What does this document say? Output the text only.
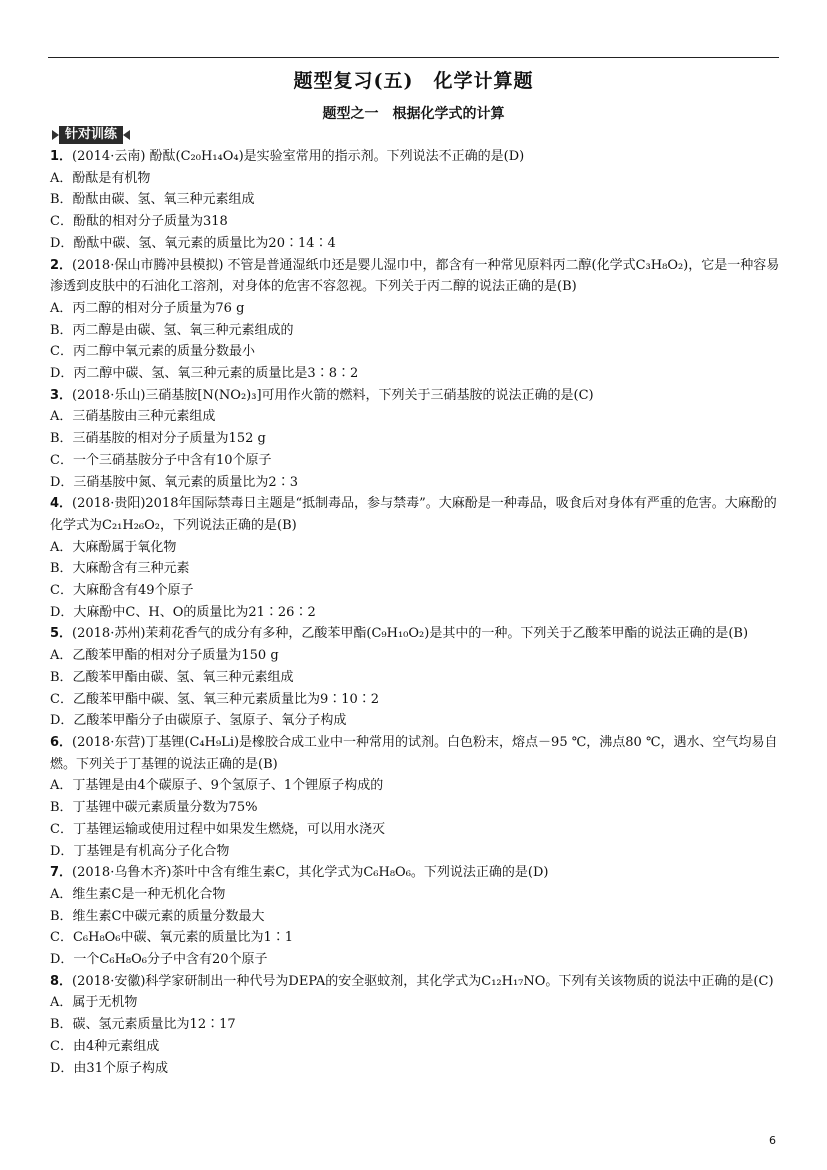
题型复习(五)　化学计算题
题型之一　根据化学式的计算
针对训练
1．(2014·云南) 酚酞(C₂₀H₁₄O₄)是实验室常用的指示剂。下列说法不正确的是(D)
A．酚酞是有机物
B．酚酞由碳、氢、氧三种元素组成
C．酚酞的相对分子质量为318
D．酚酞中碳、氢、氧元素的质量比为20∶14∶4
2．(2018·保山市腾冲县模拟) 不管是普通湿纸巾还是婴儿湿巾中，都含有一种常见原料丙二醇(化学式C₃H₈O₂)，它是一种容易渗透到皮肤中的石油化工溶剂，对身体的危害不容忽视。下列关于丙二醇的说法正确的是(B)
A．丙二醇的相对分子质量为76 g
B．丙二醇是由碳、氢、氧三种元素组成的
C．丙二醇中氧元素的质量分数最小
D．丙二醇中碳、氢、氧三种元素的质量比是3∶8∶2
3．(2018·乐山)三硝基胺[N(NO₂)₃]可用作火箭的燃料，下列关于三硝基胺的说法正确的是(C)
A．三硝基胺由三种元素组成
B．三硝基胺的相对分子质量为152 g
C．一个三硝基胺分子中含有10个原子
D．三硝基胺中氮、氧元素的质量比为2∶3
4．(2018·贵阳)2018年国际禁毒日主题是“抵制毒品，参与禁毒”。大麻酚是一种毒品，吸食后对身体有严重的危害。大麻酚的化学式为C₂₁H₂₆O₂，下列说法正确的是(B)
A．大麻酚属于氧化物
B．大麻酚含有三种元素
C．大麻酚含有49个原子
D．大麻酚中C、H、O的质量比为21∶26∶2
5．(2018·苏州)茉莉花香气的成分有多种，乙酸苯甲酯(C₉H₁₀O₂)是其中的一种。下列关于乙酸苯甲酯的说法正确的是(B)
A．乙酸苯甲酯的相对分子质量为150 g
B．乙酸苯甲酯由碳、氢、氧三种元素组成
C．乙酸苯甲酯中碳、氢、氧三种元素质量比为9∶10∶2
D．乙酸苯甲酯分子由碳原子、氢原子、氧分子构成
6．(2018·东营)丁基锂(C₄H₉Li)是橡胶合成工业中一种常用的试剂。白色粉末，熔点－95 ℃，沸点80 ℃，遇水、空气均易自燃。下列关于丁基锂的说法正确的是(B)
A．丁基锂是由4个碳原子、9个氢原子、1个锂原子构成的
B．丁基锂中碳元素质量分数为75%
C．丁基锂运输或使用过程中如果发生燃烧，可以用水浇灭
D．丁基锂是有机高分子化合物
7．(2018·乌鲁木齐)茶叶中含有维生素C，其化学式为C₆H₈O₆。下列说法正确的是(D)
A．维生素C是一种无机化合物
B．维生素C中碳元素的质量分数最大
C．C₆H₈O₆中碳、氧元素的质量比为1∶1
D．一个C₆H₈O₆分子中含有20个原子
8．(2018·安徽)科学家研制出一种代号为DEPA的安全驱蚊剂，其化学式为C₁₂H₁₇NO。下列有关该物质的说法中正确的是(C)
A．属于无机物
B．碳、氢元素质量比为12∶17
C．由4种元素组成
D．由31个原子构成
6
